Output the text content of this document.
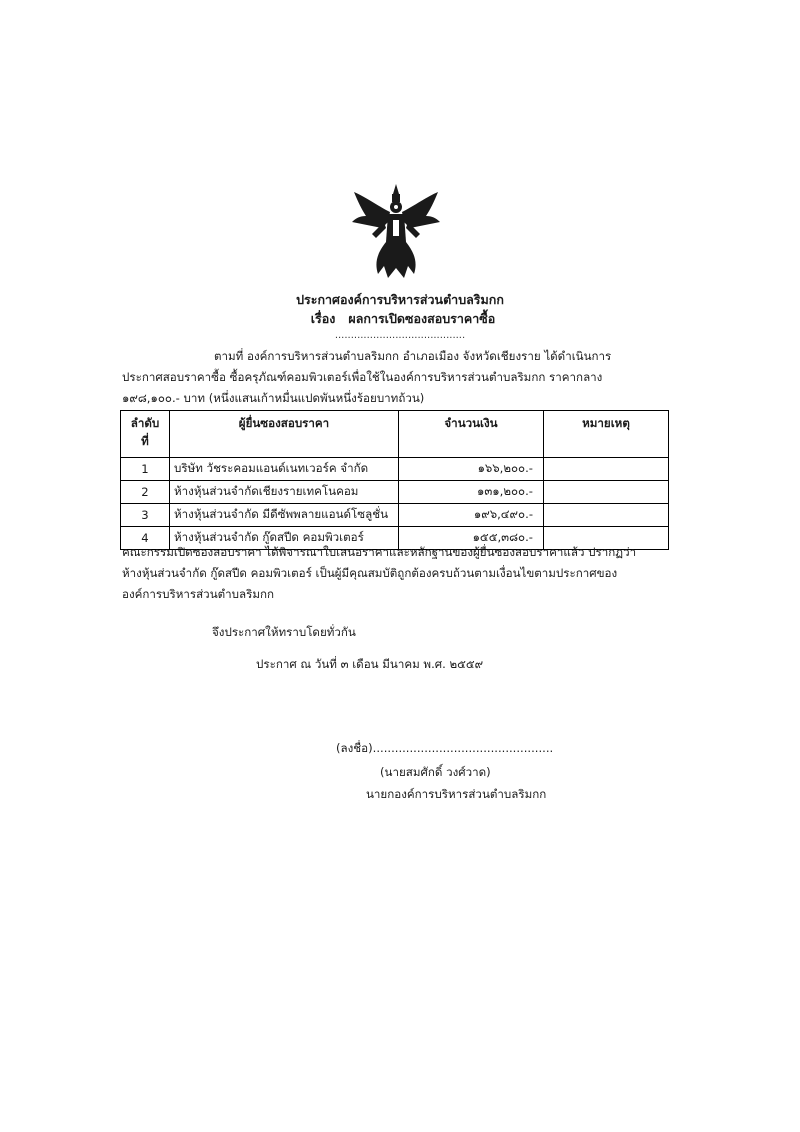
ประกาศองค์การบริหารส่วนตำบลริมกก
เรื่อง ผลการเปิดซองสอบราคาซื้อ
.........................................
ตามที่ องค์การบริหารส่วนตำบลริมกก อำเภอเมือง จังหวัดเชียงราย ได้ดำเนินการ
ประกาศสอบราคาซื้อ ซื้อครุภัณฑ์คอมพิวเตอร์เพื่อใช้ในองค์การบริหารส่วนตำบลริมกก ราคากลาง
๑๙๘,๑๐๐.- บาท (หนึ่งแสนเก้าหมื่นแปดพันหนึ่งร้อยบาทถ้วน)
ลำดับ ที่	ผู้ยื่นซองสอบราคา	จำนวนเงิน	หมายเหตุ
1	บริษัท วัชระคอมแอนด์เนทเวอร์ค จำกัด	๑๖๖,๒๐๐.-	
2	ห้างหุ้นส่วนจำกัดเชียงรายเทคโนคอม	๑๓๑,๒๐๐.-	
3	ห้างหุ้นส่วนจำกัด มีดีซัพพลายแอนด์โซลูชั่น	๑๙๖,๔๙๐.-	
4	ห้างหุ้นส่วนจำกัด กู๊ดสปีด คอมพิวเตอร์	๑๕๕,๓๘๐.-	
คณะกรรมเปิดซองสอบราคา ได้พิจารณาใบเสนอราคาและหลักฐานของผู้ยื่นซองสอบราคาแล้ว ปรากฏว่า
ห้างหุ้นส่วนจำกัด กู๊ดสปีด คอมพิวเตอร์ เป็นผู้มีคุณสมบัติถูกต้องครบถ้วนตามเงื่อนไขตามประกาศของ
องค์การบริหารส่วนตำบลริมกก
จึงประกาศให้ทราบโดยทั่วกัน
ประกาศ ณ วันที่ ๓ เดือน มีนาคม พ.ศ. ๒๕๕๙
(ลงชื่อ).................................................
(นายสมศักดิ์ วงศ์วาด)
นายกองค์การบริหารส่วนตำบลริมกก
